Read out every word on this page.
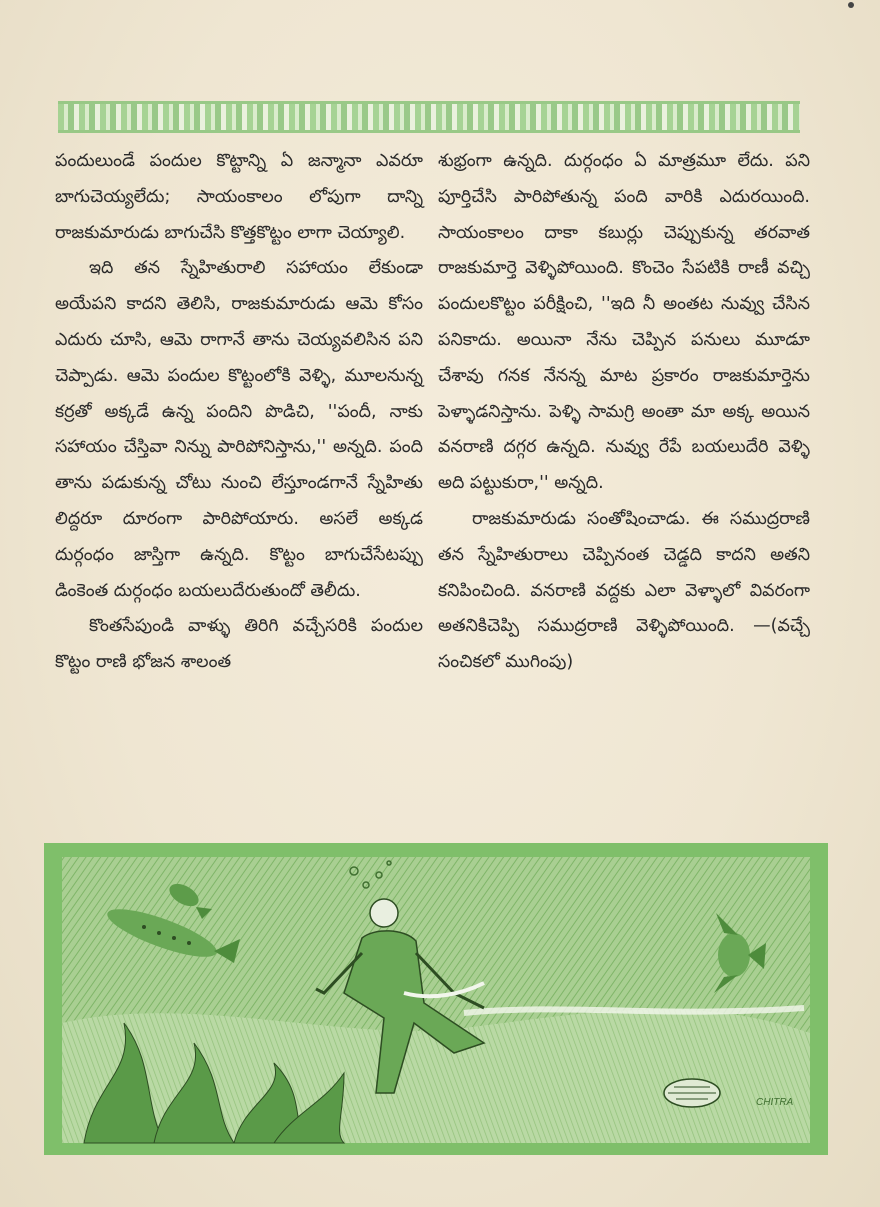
పందులుండే పందుల కొట్టాన్ని ఏ జన్మానా ఎవరూ బాగుచెయ్యలేదు; సాయంకాలం లోపుగా దాన్ని రాజకుమారుడు బాగుచేసి కొత్తకొట్టం లాగా చెయ్యాలి.

ఇది తన స్నేహితురాలి సహాయం లేకుండా అయేపని కాదని తెలిసి, రాజకుమారుడు ఆమె కోసం ఎదురు చూసి, ఆమె రాగానే తాను చెయ్యవలిసిన పని చెప్పాడు. ఆమె పందుల కొట్టంలోకి వెళ్ళి, మూలనున్న కర్రతో అక్కడే ఉన్న పందిని పొడిచి, ''పందీ, నాకు సహాయం చేస్తివా నిన్ను పారిపోనిస్తాను,'' అన్నది. పంది తాను పడుకున్న చోటు నుంచి లేస్తూండగానే స్నేహితు లిద్దరూ దూరంగా పారిపోయారు. అసలే అక్కడ దుర్గంధం జాస్తిగా ఉన్నది. కొట్టం బాగుచేసేటప్పు డింకెంత దుర్గంధం బయలుదేరుతుందో తెలీదు.

కొంతసేపుండి వాళ్ళు తిరిగి వచ్చేసరికి పందుల కొట్టం రాణి భోజన శాలంత

శుభ్రంగా ఉన్నది. దుర్గంధం ఏ మాత్రమూ లేదు. పని పూర్తిచేసి పారిపోతున్న పంది వారికి ఎదురయింది. సాయంకాలం దాకా కబుర్లు చెప్పుకున్న తరవాత రాజకుమార్తె వెళ్ళిపోయింది. కొంచెం సేపటికి రాణీ వచ్చి పందులకొట్టం పరీక్షించి, ''ఇది నీ అంతట నువ్వు చేసిన పనికాదు. అయినా నేను చెప్పిన పనులు మూడూ చేశావు గనక నేనన్న మాట ప్రకారం రాజకుమార్తెను పెళ్ళాడనిస్తాను. పెళ్ళి సామగ్రి అంతా మా అక్క అయిన వనరాణి దగ్గర ఉన్నది. నువ్వు రేపే బయలుదేరి వెళ్ళి అది పట్టుకురా,'' అన్నది.

రాజకుమారుడు సంతోషించాడు. ఈ సముద్రరాణి తన స్నేహితురాలు చెప్పినంత చెడ్డది కాదని అతని కనిపించింది. వనరాణి వద్దకు ఎలా వెళ్ళాలో వివరంగా అతనికిచెప్పి సముద్రరాణి వెళ్ళిపోయింది. —(వచ్చే సంచికలో ముగింపు)

CHITRA
